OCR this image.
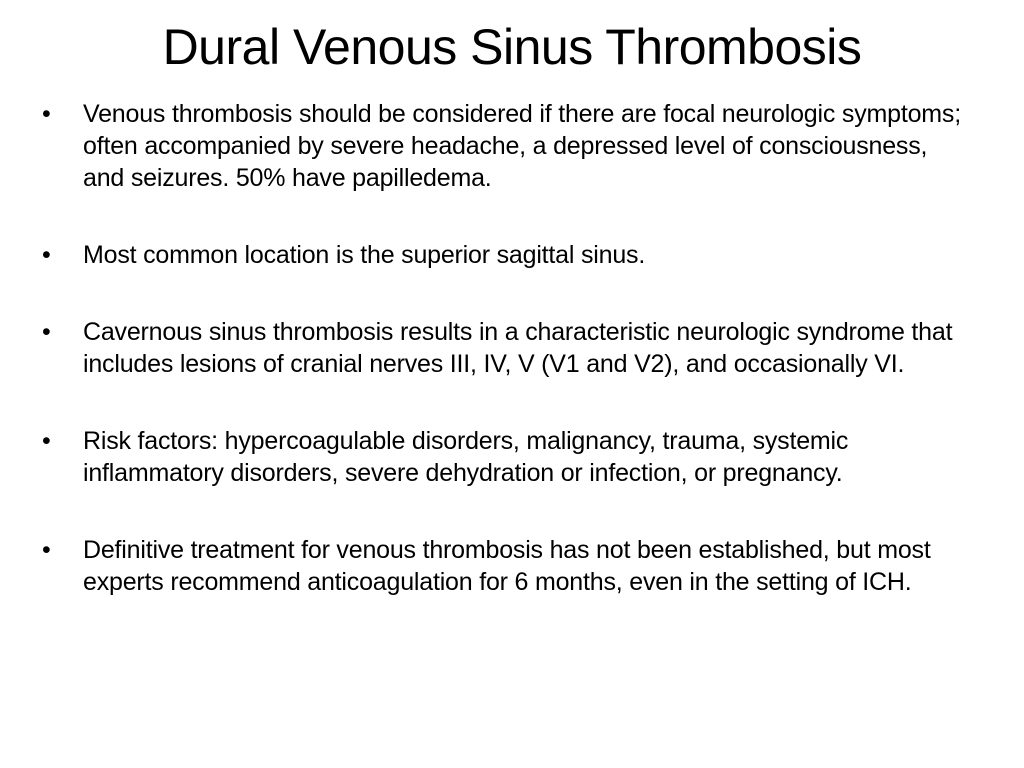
Dural Venous Sinus Thrombosis
•	Venous thrombosis should be considered if there are focal neurologic symptoms; often accompanied by severe headache, a depressed level of consciousness, and seizures. 50% have papilledema.
•	Most common location is the superior sagittal sinus.
•	Cavernous sinus thrombosis results in a characteristic neurologic syndrome that includes lesions of cranial nerves III, IV, V (V1 and V2), and occasionally VI.
•	Risk factors: hypercoagulable disorders, malignancy, trauma, systemic inflammatory disorders, severe dehydration or infection, or pregnancy.
•	Definitive treatment for venous thrombosis has not been established, but most experts recommend anticoagulation for 6 months, even in the setting of ICH.
